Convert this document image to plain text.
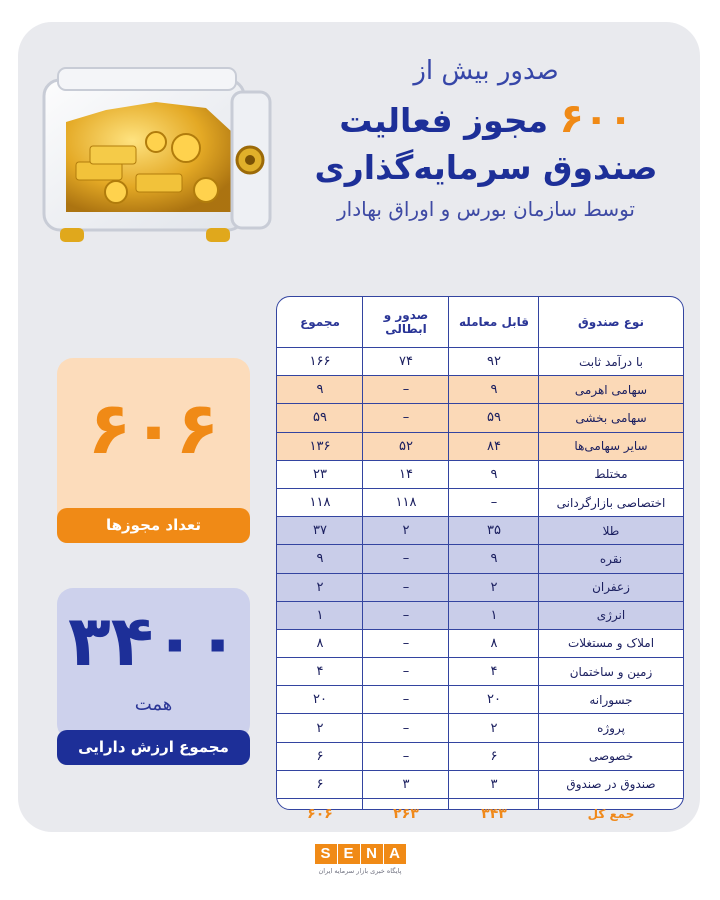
صدور بیش از
۶۰۰ مجوز فعالیت
صندوق سرمایه‌گذاری
توسط سازمان بورس و اوراق بهادار
نوع صندوق
قابل معامله
صدور و ابطالی
مجموع
با درآمد ثابت
۹۲
۷۴
۱۶۶
سهامی اهرمی
۹
–
۹
سهامی بخشی
۵۹
–
۵۹
سایر سهامی‌ها
۸۴
۵۲
۱۳۶
مختلط
۹
۱۴
۲۳
اختصاصی بازارگردانی
–
۱۱۸
۱۱۸
طلا
۳۵
۲
۳۷
نقره
۹
–
۹
زعفران
۲
–
۲
انرژی
۱
–
۱
املاک و مستغلات
۸
–
۸
زمین و ساختمان
۴
–
۴
جسورانه
۲۰
–
۲۰
پروژه
۲
–
۲
خصوصی
۶
–
۶
صندوق در صندوق
۳
۳
۶
جمع کل
۳۴۳
۲۶۳
۶۰۶
۶۰۶
تعداد مجوزها
۳۴۰۰
همت
مجموع ارزش دارایی
S E N A
پایگاه خبری بازار سرمایه ایران
